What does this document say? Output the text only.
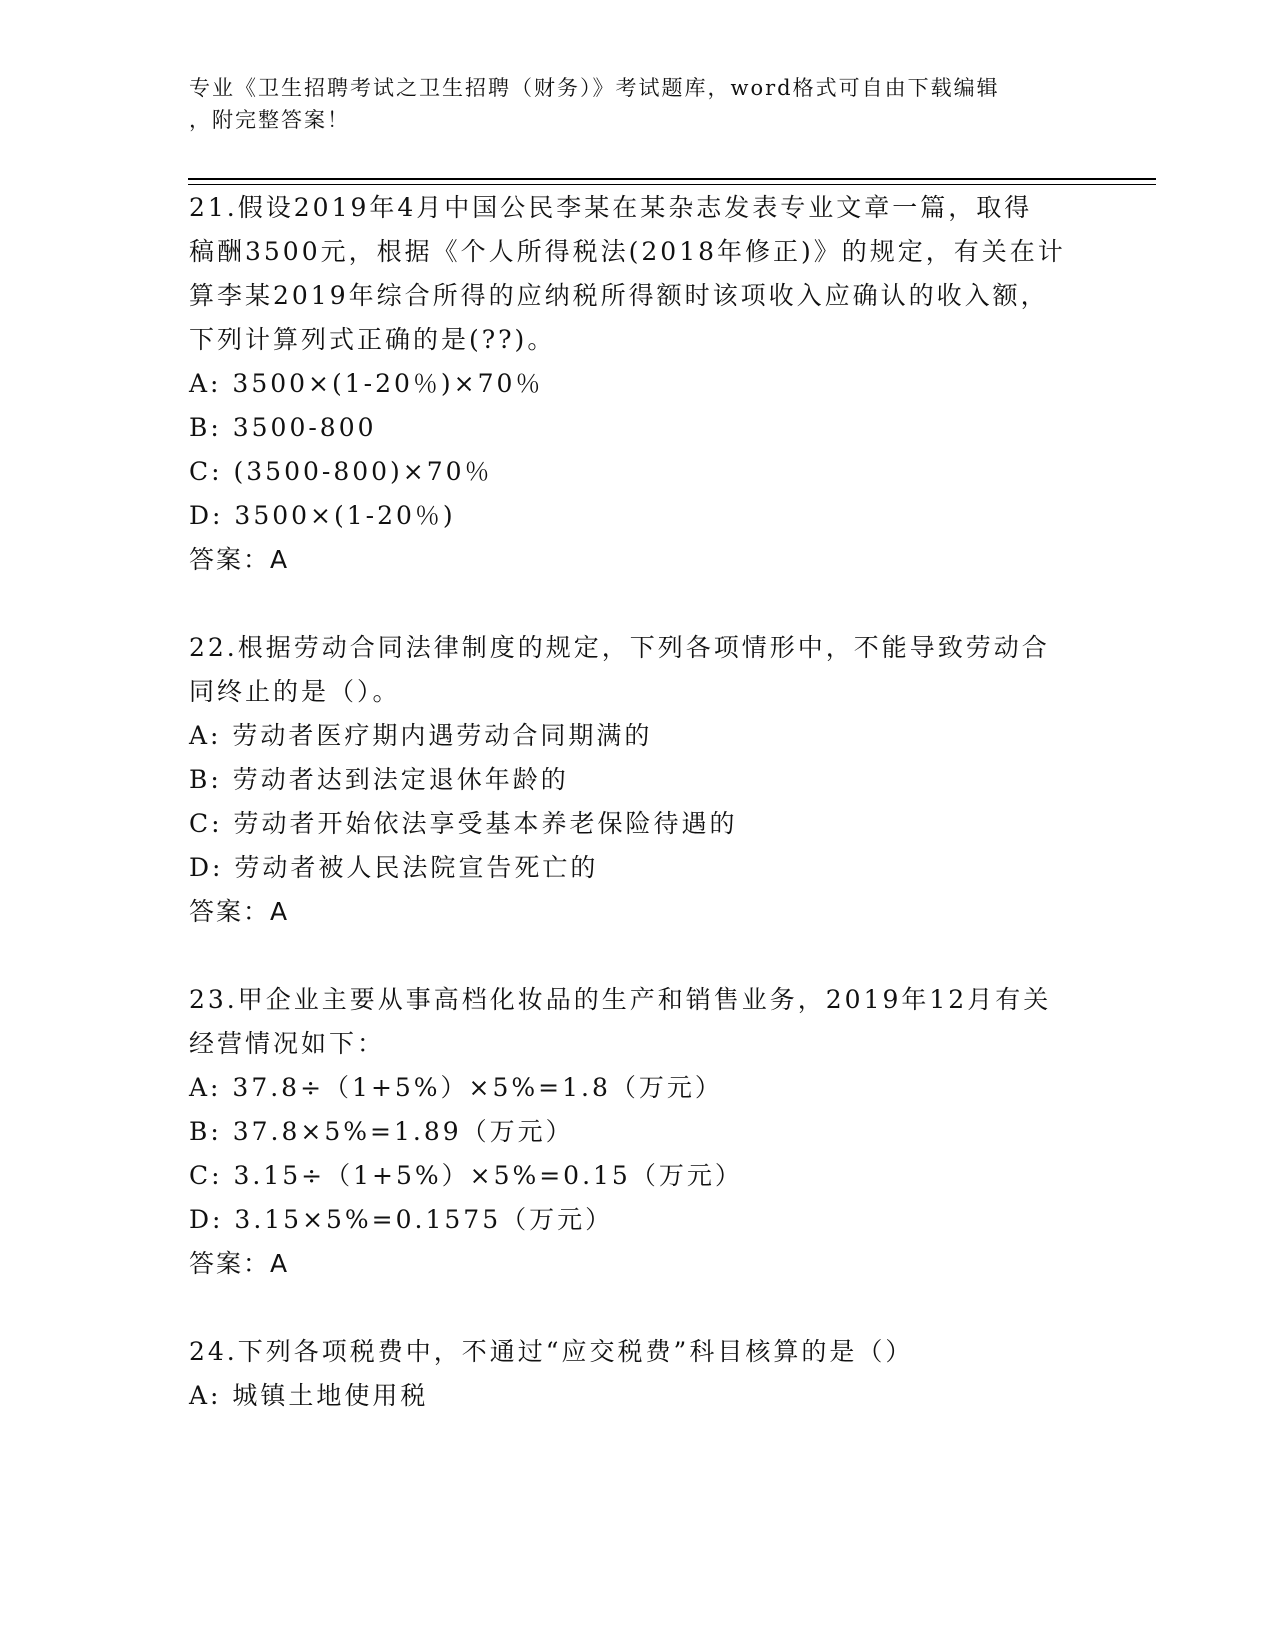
专业《卫生招聘考试之卫生招聘（财务）》考试题库，word格式可自由下载编辑
，附完整答案！
21.假设2019年4月中国公民李某在某杂志发表专业文章一篇，取得
稿酬3500元，根据《个人所得税法(2018年修正)》的规定，有关在计
算李某2019年综合所得的应纳税所得额时该项收入应确认的收入额，
下列计算列式正确的是(??)。
A: 3500×(1-20％)×70％
B: 3500-800
C: (3500-800)×70％
D: 3500×(1-20％)
答案：A
22.根据劳动合同法律制度的规定，下列各项情形中，不能导致劳动合
同终止的是（）。
A: 劳动者医疗期内遇劳动合同期满的
B: 劳动者达到法定退休年龄的
C: 劳动者开始依法享受基本养老保险待遇的
D: 劳动者被人民法院宣告死亡的
答案：A
23.甲企业主要从事高档化妆品的生产和销售业务，2019年12月有关
经营情况如下：
A: 37.8÷（1+5%）×5%=1.8（万元）
B: 37.8×5%=1.89（万元）
C: 3.15÷（1+5%）×5%=0.15（万元）
D: 3.15×5%=0.1575（万元）
答案：A
24.下列各项税费中，不通过“应交税费”科目核算的是（）
A: 城镇土地使用税
